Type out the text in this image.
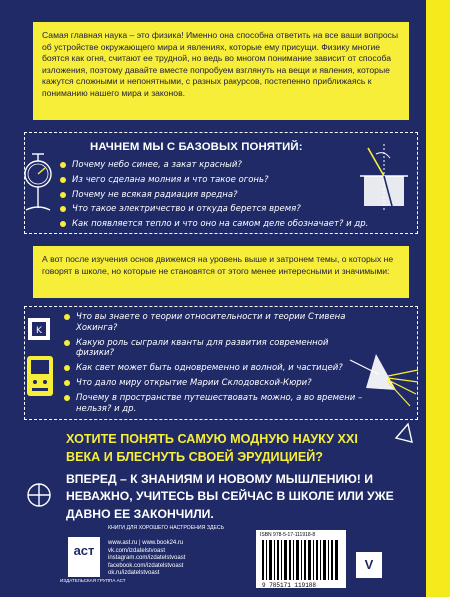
Самая главная наука – это физика! Именно она способна ответить на все ваши вопросы об устройстве окружающего мира и явлениях, которые ему присущи. Физику многие боятся как огня, считают ее трудной, но ведь во многом понимание зависит от способа изложения, поэтому давайте вместе попробуем взглянуть на вещи и явления, которые кажутся сложными и непонятными, с разных ракурсов, постепенно приближаясь к пониманию нашего мира и законов.
НАЧНЕМ МЫ С БАЗОВЫХ ПОНЯТИЙ:
Почему небо синее, а закат красный?
Из чего сделана молния и что такое огонь?
Почему не всякая радиация вредна?
Что такое электричество и откуда берется время?
Как появляется тепло и что оно на самом деле обозначает? и др.
А вот после изучения основ движемся на уровень выше и затронем темы, о которых не говорят в школе, но которые не становятся от этого менее интересными и значимыми:
Что вы знаете о теории относительности и теории Стивена Хокинга?
Какую роль сыграли кванты для развития современной физики?
Как свет может быть одновременно и волной, и частицей?
Что дало миру открытие Марии Склодовской-Кюри?
Почему в пространстве путешествовать можно, а во времени – нельзя? и др.
K
ХОТИТЕ ПОНЯТЬ САМУЮ МОДНУЮ НАУКУ XXI ВЕКА И БЛЕСНУТЬ СВОЕЙ ЭРУДИЦИЕЙ?
ВПЕРЕД – К ЗНАНИЯМ И НОВОМУ МЫШЛЕНИЮ! И НЕВАЖНО, УЧИТЕСЬ ВЫ СЕЙЧАС В ШКОЛЕ ИЛИ УЖЕ ДАВНО ЕЕ ЗАКОНЧИЛИ.
КНИГИ ДЛЯ ХОРОШЕГО НАСТРОЕНИЯ ЗДЕСЬ
аст
ИЗДАТЕЛЬСКАЯ ГРУППА АСТ
www.ast.ru | www.book24.ru
vk.com/izdatelstvoast
instagram.com/izdatelstvoast
facebook.com/izdatelstvoast
ok.ru/izdatelstvoast
ISBN 978-5-17-111918-8
9 785171 119188
V
